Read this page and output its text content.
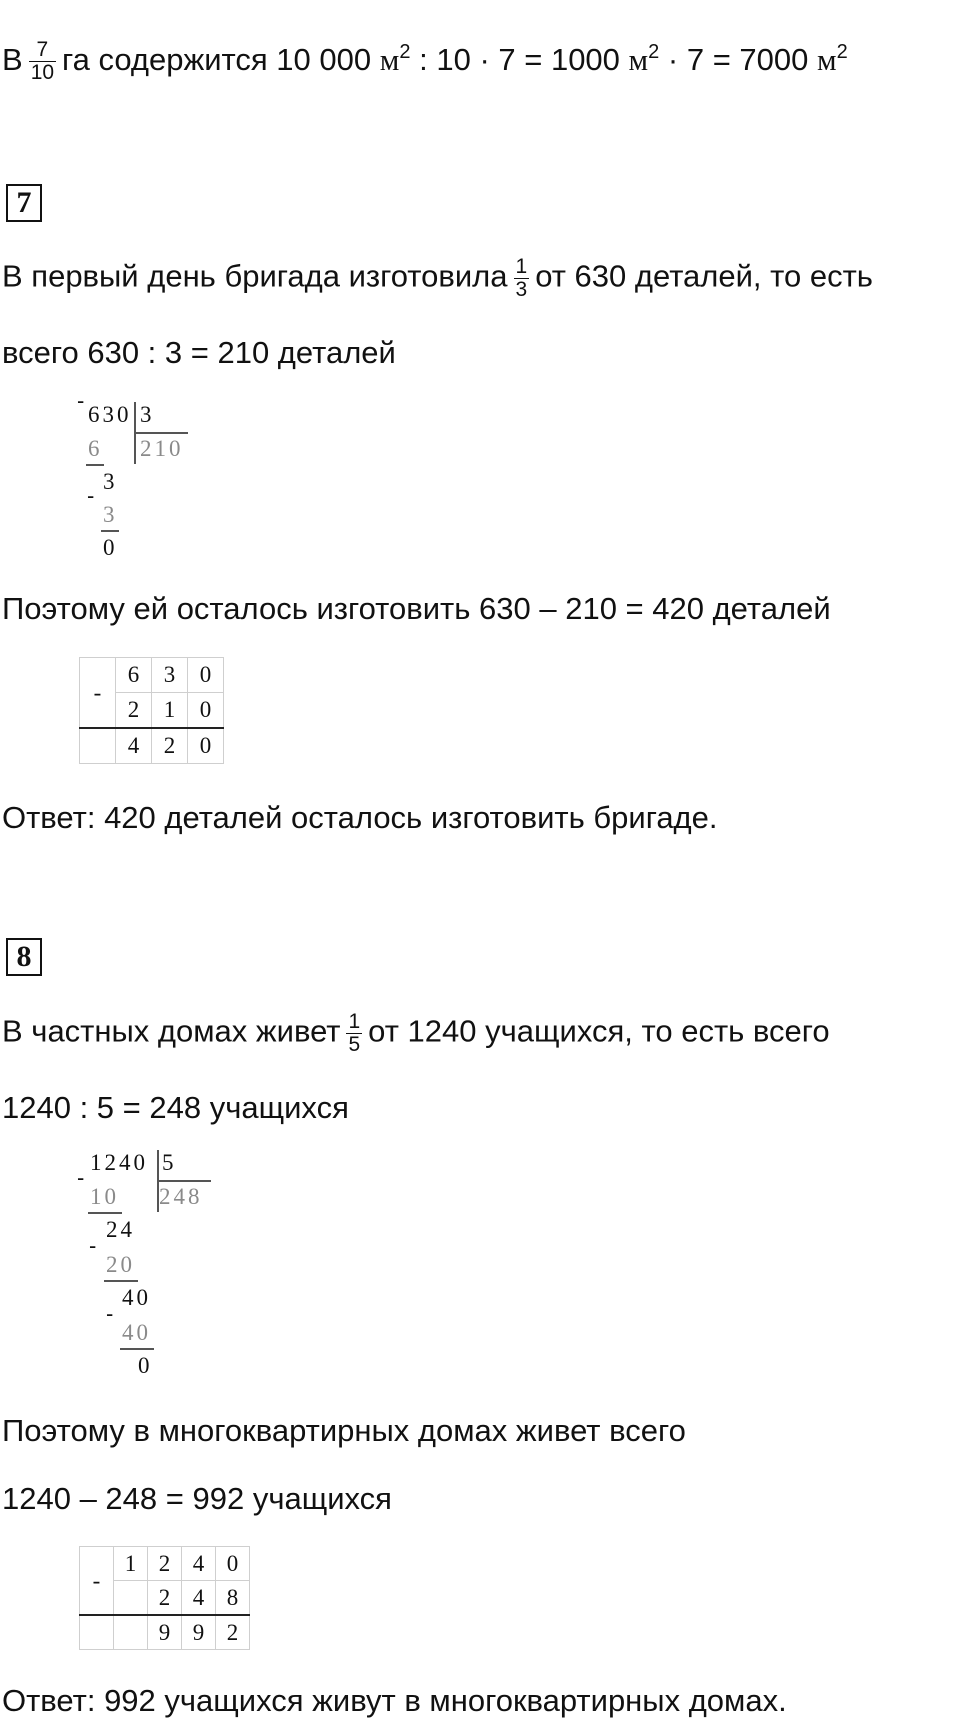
В $\frac{7}{10}$ га содержится 10 000 $м^2$ : 10 · 7 = 1000 $м^2 \cdot 7 = 7000$ $м^2$
7
В первый день бригада изготовила $\frac{1}{3}$ от 630 деталей, то есть
всего 630 : 3 = 210 деталей
-
630 3
210
6
3
-
3
0
Поэтому ей осталось изготовить 630 – 210 = 420 деталей
-	6	3	0
	2	1	0
	4	2	0
Ответ: 420 деталей осталось изготовить бригаде.
8
В частных домах живет $\frac{1}{5}$ от 1240 учащихся, то есть всего
1240 : 5 = 248 учащихся
-
1240 5
248
10
24
-
20
40
-
40
0
Поэтому в многоквартирных домах живет всего
1240 – 248 = 992 учащихся
-	1	2	4	0
		2	4	8
		9	9	2
Ответ: 992 учащихся живут в многоквартирных домах.
